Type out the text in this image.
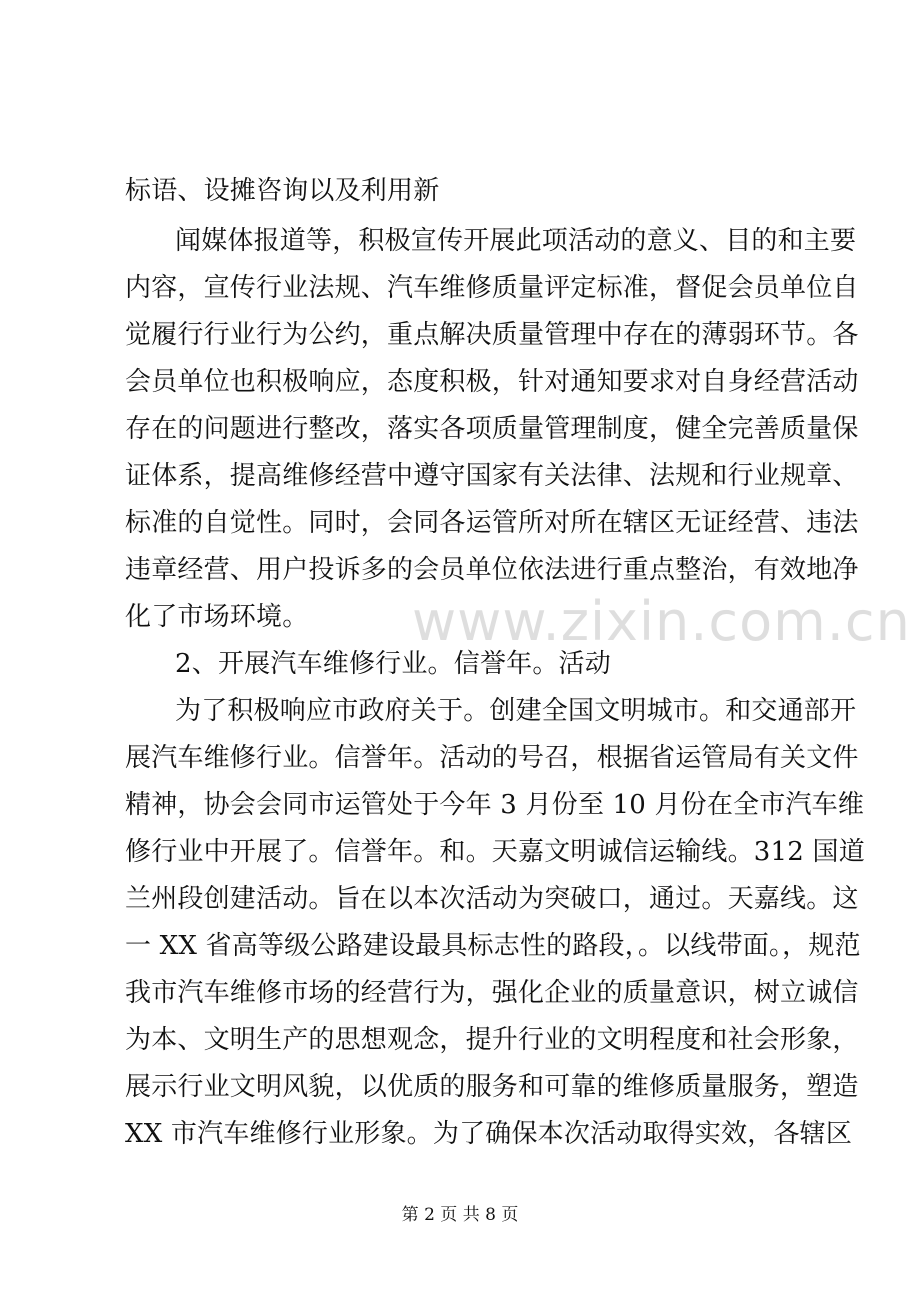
标语、设摊咨询以及利用新
闻媒体报道等，积极宣传开展此项活动的意义、目的和主要
内容，宣传行业法规、汽车维修质量评定标准，督促会员单位自
觉履行行业行为公约，重点解决质量管理中存在的薄弱环节。各
会员单位也积极响应，态度积极，针对通知要求对自身经营活动
存在的问题进行整改，落实各项质量管理制度，健全完善质量保
证体系，提高维修经营中遵守国家有关法律、法规和行业规章、
标准的自觉性。同时，会同各运管所对所在辖区无证经营、违法
违章经营、用户投诉多的会员单位依法进行重点整治，有效地净
化了市场环境。
2、开展汽车维修行业。信誉年。活动
为了积极响应市政府关于。创建全国文明城市。和交通部开
展汽车维修行业。信誉年。活动的号召，根据省运管局有关文件
精神，协会会同市运管处于今年 3 月份至 10 月份在全市汽车维
修行业中开展了。信誉年。和。天嘉文明诚信运输线。312 国道
兰州段创建活动。旨在以本次活动为突破口，通过。天嘉线。这
一 XX 省高等级公路建设最具标志性的路段，。以线带面。，规范
我市汽车维修市场的经营行为，强化企业的质量意识，树立诚信
为本、文明生产的思想观念，提升行业的文明程度和社会形象，
展示行业文明风貌，以优质的服务和可靠的维修质量服务，塑造
XX 市汽车维修行业形象。为了确保本次活动取得实效，各辖区
www.zixin.com.cn
第 2 页 共 8 页
